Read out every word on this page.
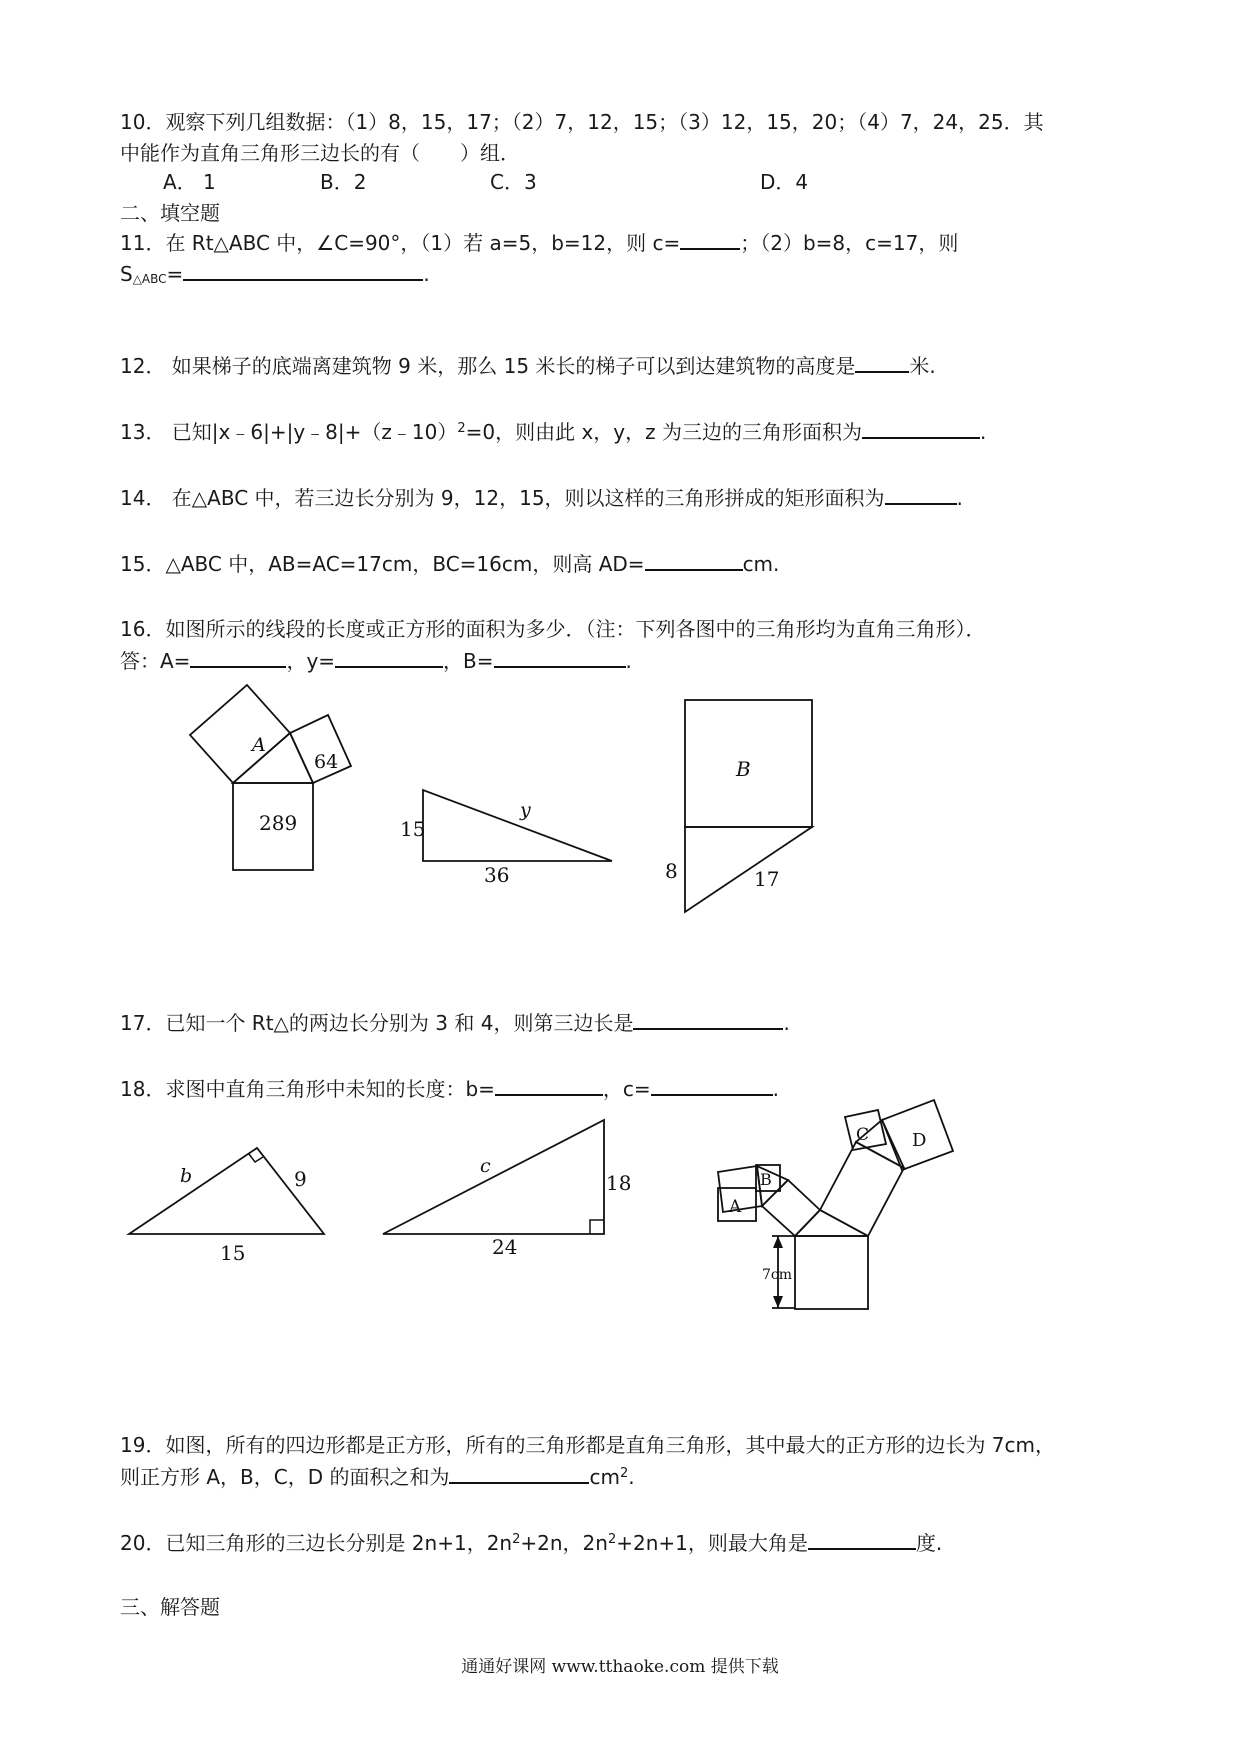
10．观察下列几组数据：（1）8，15，17；（2）7，12，15；（3）12，15，20；（4）7，24，25．其
中能作为直角三角形三边长的有（　　）组．
A． 1	B．2	C．3	D．4
二、填空题
11．在 Rt△ABC 中，∠C=90°，（1）若 a=5，b=12，则 c=	；（2）b=8，c=17，则
$S_{\triangle ABC}=$	.
12． 如果梯子的底端离建筑物 9 米，那么 15 米长的梯子可以到达建筑物的高度是	米.
13． 已知|x﹣6|+|y﹣8|+（z﹣10）$^2$=0，则由此 x，y，z 为三边的三角形面积为	.
14． 在△ABC 中，若三边长分别为 9，12，15，则以这样的三角形拼成的矩形面积为	.
15．△ABC 中，AB=AC=17cm，BC=16cm，则高 AD=	cm.
16．如图所示的线段的长度或正方形的面积为多少．（注：下列各图中的三角形均为直角三角形）．
答：A=	，y=	，B=	.
A
64
289	15
36
y
B
8	17
17．已知一个 Rt△的两边长分别为 3 和 4，则第三边长是	.
18．求图中直角三角形中未知的长度：b=	，c=	.
b	9
15
c
18
24
A
B
C D
7cm
19．如图，所有的四边形都是正方形，所有的三角形都是直角三角形，其中最大的正方形的边长为 7cm，
则正方形 A，B，C，D 的面积之和为	$cm^2$.
20．已知三角形的三边长分别是 2n+1，$2n^2+2n$，$2n^2+2n+1$，则最大角是	度.
三、解答题
通通好课网 www.tthaoke.com 提供下载
